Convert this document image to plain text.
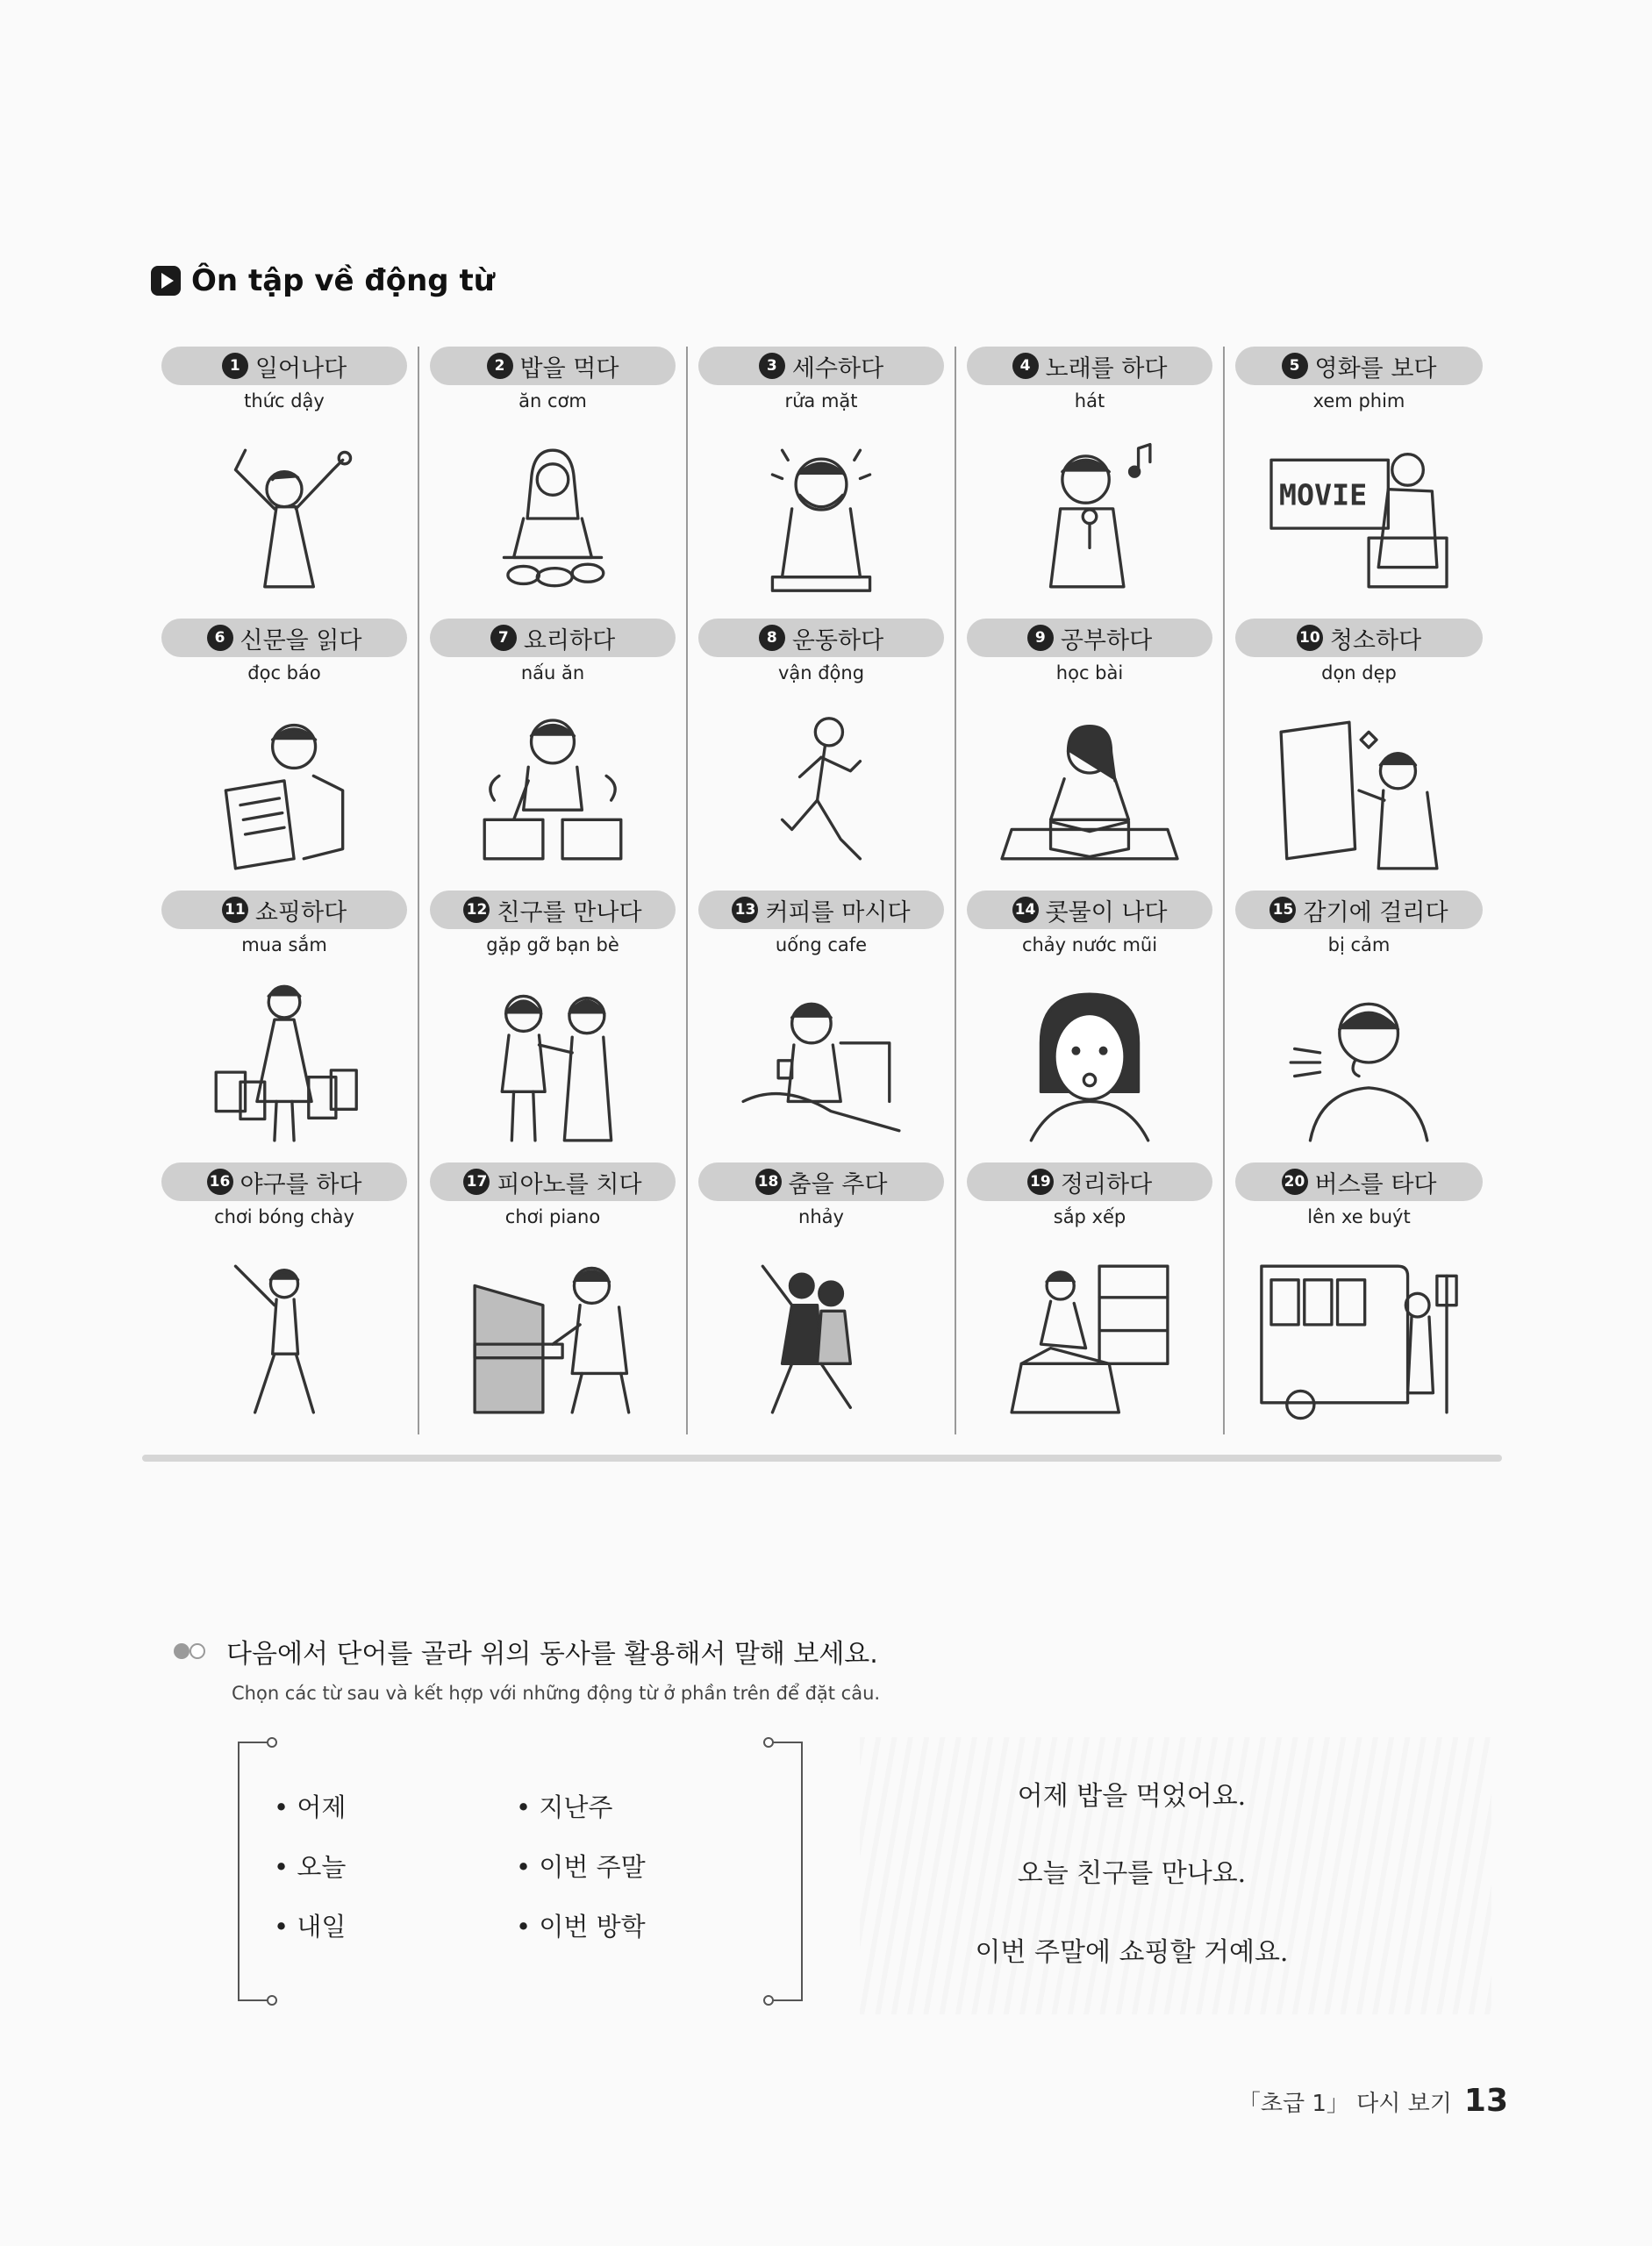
Ôn tập về động từ
1 일어나다
thức dậy
2 밥을 먹다
ăn cơm
3 세수하다
rửa mặt
4 노래를 하다
hát
5 영화를 보다
xem phim
MOVIE
6 신문을 읽다
đọc báo
7 요리하다
nấu ăn
8 운동하다
vận động
9 공부하다
học bài
10 청소하다
dọn dẹp
11 쇼핑하다
mua sắm
12 친구를 만나다
gặp gỡ bạn bè
13 커피를 마시다
uống cafe
14 콧물이 나다
chảy nước mũi
15 감기에 걸리다
bị cảm
16 야구를 하다
chơi bóng chày
17 피아노를 치다
chơi piano
18 춤을 추다
nhảy
19 정리하다
sắp xếp
20 버스를 타다
lên xe buýt
다음에서 단어를 골라 위의 동사를 활용해서 말해 보세요.
Chọn các từ sau và kết hợp với những động từ ở phần trên để đặt câu.
• 어제
• 오늘
• 내일
• 지난주
• 이번 주말
• 이번 방학
어제 밥을 먹었어요.
오늘 친구를 만나요.
이번 주말에 쇼핑할 거예요.
「초급 1」 다시 보기 13
